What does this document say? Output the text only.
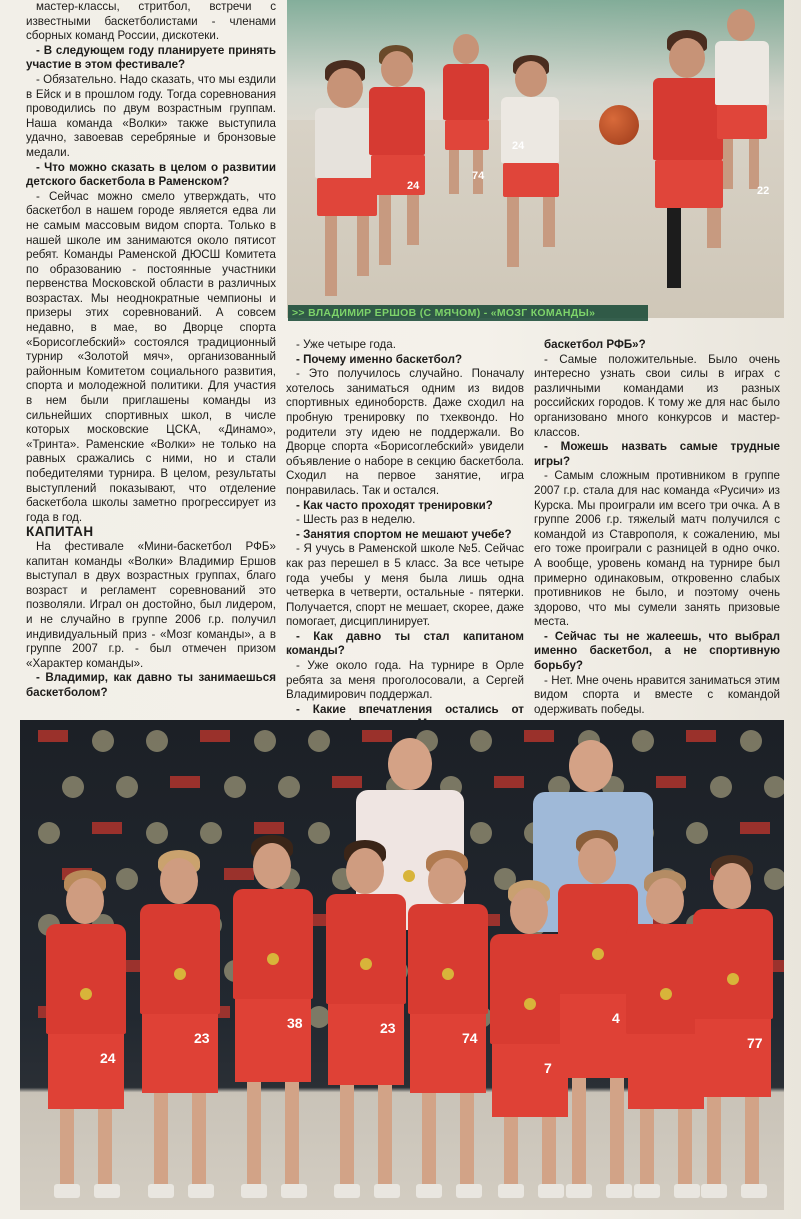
мастер-классы, стритбол, встречи с известными баскетболистами - членами сборных команд России, дискотеки.

- В следующем году планируете принять участие в этом фестивале?

- Обязательно. Надо сказать, что мы ездили в Ейск и в прошлом году. Тогда соревнования проводились по двум возрастным группам. Наша команда «Волки» также выступила удачно, завоевав серебряные и бронзовые медали.

- Что можно сказать в целом о развитии детского баскетбола в Раменском?

- Сейчас можно смело утверждать, что баскетбол в нашем городе является едва ли не самым массовым видом спорта. Только в нашей школе им занимаются около пятисот ребят. Команды Раменской ДЮСШ Комитета по образованию - постоянные участники первенства Московской области в различных возрастах. Мы неоднократные чемпионы и призеры этих соревнований. А совсем недавно, в мае, во Дворце спорта «Борисоглебский» состоялся традиционный турнир «Золотой мяч», организованный районным Комитетом социального развития, спорта и молодежной политики. Для участия в нем были приглашены команды из сильнейших спортивных школ, в числе которых московские ЦСКА, «Динамо», «Тринта». Раменские «Волки» не только на равных сражались с ними, но и стали победителями турнира. В целом, результаты выступлений показывают, что отделение баскетбола школы заметно прогрессирует из года в год.

КАПИТАН

На фестивале «Мини-баскетбол РФБ» капитан команды «Волки» Владимир Ершов выступал в двух возрастных группах, благо возраст и регламент соревнований это позволяли. Играл он достойно, был лидером, и не случайно в группе 2006 г.р. получил индивидуальный приз - «Мозг команды», а в группе 2007 г.р. - был отмечен призом «Характер команды».

- Владимир, как давно ты занимаешься баскетболом?

- Уже четыре года.

- Почему именно баскетбол?

- Это получилось случайно. Поначалу хотелось заниматься одним из видов спортивных единоборств. Даже сходил на пробную тренировку по тхеквондо. Но родители эту идею не поддержали. Во Дворце спорта «Борисоглебский» увидели объявление о наборе в секцию баскетбола. Сходил на первое занятие, игра понравилась. Так и остался.

- Как часто проходят тренировки?

- Шесть раз в неделю.

- Занятия спортом не мешают учебе?

- Я учусь в Раменской школе №5. Сейчас как раз перешел в 5 класс. За все четыре года учебы у меня была лишь одна четверка в четверти, остальные - пятерки. Получается, спорт не мешает, скорее, даже помогает, дисциплинирует.

- Как давно ты стал капитаном команды?

- Уже около года. На турнире в Орле ребята за меня проголосовали, а Сергей Владимирович поддержал.

- Какие впечатления остались от

баскетбол РФБ»?

- Самые положительные. Было очень интересно узнать свои силы в играх с различными командами из разных российских городов. К тому же для нас было организовано много конкурсов и мастер-классов.

- Можешь назвать самые трудные игры?

- Самым сложным противником в группе 2007 г.р. стала для нас команда «Русичи» из Курска. Мы проиграли им всего три очка. А в группе 2006 г.р. тяжелый матч получился с командой из Ставрополя, к сожалению, мы его тоже проиграли с разницей в одно очко. А вообще, уровень команд на турнире был примерно одинаковым, откровенно слабых противников не было, и поэтому очень здорово, что мы сумели занять призовые места.

- Сейчас ты не жалеешь, что выбрал именно баскетбол, а не спортивную борьбу?

- Нет. Мне очень нравится заниматься этим видом спорта и вместе с командой одерживать победы.

24
74
24
22
>> ВЛАДИМИР ЕРШОВ (С МЯЧОМ) - «МОЗГ КОМАНДЫ»
24
23
38	23
74
7
4
77
